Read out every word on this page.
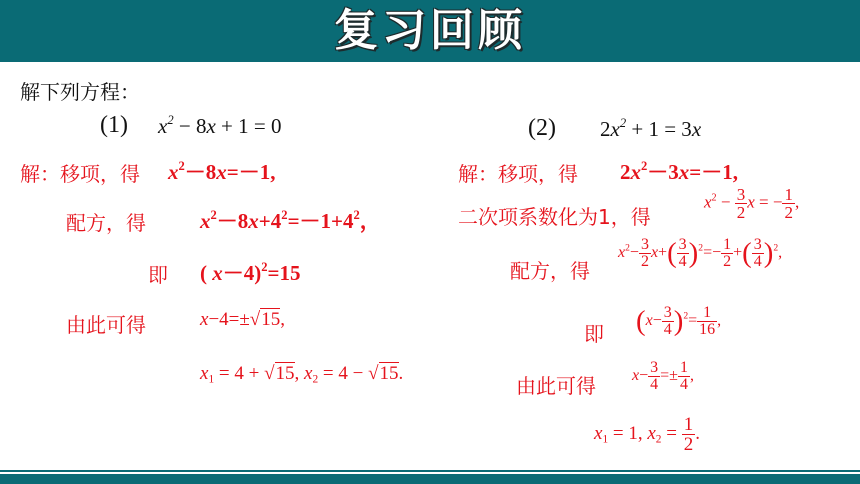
复习回顾
解下列方程：
(1) $x^2 - 8x + 1 = 0$
解：移项，得 $x^2-8x=-1$,
配方，得	$x^2-8x+4^2=-1+4^2$，
即 ( x－4)$^2$=15
由此可得	x−4=±√15,
$x_1 = 4 + √15$, $x_2 = 4 - √15$.
(2) $2x^2 + 1 = 3x$
解：移项，得 $2x^2-3x=-1$,
二次项系数化为1，得
$x^2 - \frac{3}{2}$ x = − $\frac{1}{2}$ ,
配方，得
$x^2- \frac{3}{2} x+( \frac{3}{4} )^2=- \frac{1}{2}$ +( $\frac{3}{4} )^2$,
即 $(x- \frac{3}{4} )^2= \frac{1}{16}$ ,
由此可得 $x- \frac{3}{4} =\pm \frac{1}{4}$ ,
$x_1 = 1$, $x_2 = \frac{1}{2}$ .
